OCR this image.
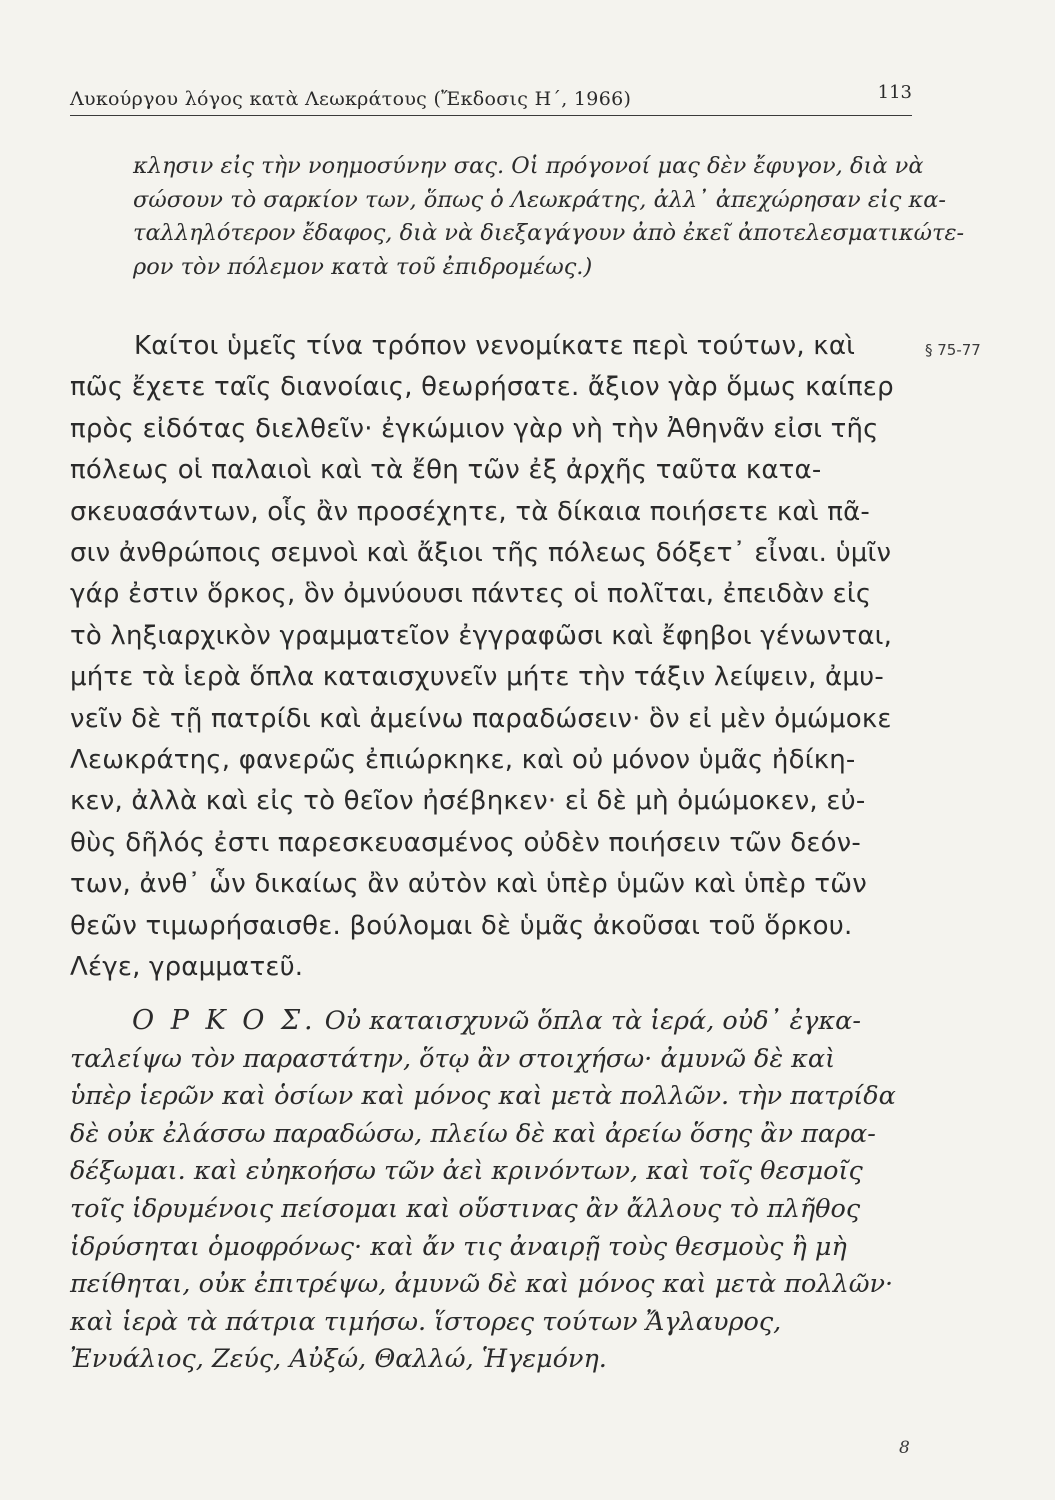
Λυκούργου λόγος κατὰ Λεωκράτους (Ἔκδοσις Η΄, 1966)	113
κλησιν εἰς τὴν νοημοσύνην σας. Οἱ πρόγονοί μας δὲν ἔφυγον, διὰ νὰ
σώσουν τὸ σαρκίον των, ὅπως ὁ Λεωκράτης, ἀλλ᾽ ἀπεχώρησαν εἰς κα-
ταλληλότερον ἔδαφος, διὰ νὰ διεξαγάγουν ἀπὸ ἐκεῖ ἀποτελεσματικώτε-
ρον τὸν πόλεμον κατὰ τοῦ ἐπιδρομέως.)
§ 75-77
Καίτοι ὑμεῖς τίνα τρόπον νενομίκατε περὶ τούτων, καὶ
πῶς ἔχετε ταῖς διανοίαις, θεωρήσατε. ἄξιον γὰρ ὅμως καίπερ
πρὸς εἰδότας διελθεῖν· ἐγκώμιον γὰρ νὴ τὴν Ἀθηνᾶν εἰσι τῆς
πόλεως οἱ παλαιοὶ καὶ τὰ ἔθη τῶν ἐξ ἀρχῆς ταῦτα κατα-
σκευασάντων, οἷς ἂν προσέχητε, τὰ δίκαια ποιήσετε καὶ πᾶ-
σιν ἀνθρώποις σεμνοὶ καὶ ἄξιοι τῆς πόλεως δόξετ᾽ εἶναι. ὑμῖν
γάρ ἐστιν ὅρκος, ὃν ὀμνύουσι πάντες οἱ πολῖται, ἐπειδὰν εἰς
τὸ ληξιαρχικὸν γραμματεῖον ἐγγραφῶσι καὶ ἔφηβοι γένωνται,
μήτε τὰ ἱερὰ ὅπλα καταισχυνεῖν μήτε τὴν τάξιν λείψειν, ἀμυ-
νεῖν δὲ τῇ πατρίδι καὶ ἀμείνω παραδώσειν· ὃν εἰ μὲν ὀμώμοκε
Λεωκράτης, φανερῶς ἐπιώρκηκε, καὶ οὐ μόνον ὑμᾶς ἠδίκη-
κεν, ἀλλὰ καὶ εἰς τὸ θεῖον ἠσέβηκεν· εἰ δὲ μὴ ὀμώμοκεν, εὐ-
θὺς δῆλός ἐστι παρεσκευασμένος οὐδὲν ποιήσειν τῶν δεόν-
των, ἀνθ᾽ ὧν δικαίως ἂν αὐτὸν καὶ ὑπὲρ ὑμῶν καὶ ὑπὲρ τῶν
θεῶν τιμωρήσαισθε. βούλομαι δὲ ὑμᾶς ἀκοῦσαι τοῦ ὅρκου.
Λέγε, γραμματεῦ.
Ο Ρ Κ Ο Σ. Οὐ καταισχυνῶ ὅπλα τὰ ἱερά, οὐδ᾽ ἐγκα-
ταλείψω τὸν παραστάτην, ὅτῳ ἂν στοιχήσω· ἀμυνῶ δὲ καὶ
ὑπὲρ ἱερῶν καὶ ὁσίων καὶ μόνος καὶ μετὰ πολλῶν. τὴν πατρίδα
δὲ οὐκ ἐλάσσω παραδώσω, πλείω δὲ καὶ ἀρείω ὅσης ἂν παρα-
δέξωμαι. καὶ εὐηκοήσω τῶν ἀεὶ κρινόντων, καὶ τοῖς θεσμοῖς
τοῖς ἱδρυμένοις πείσομαι καὶ οὕστινας ἂν ἄλλους τὸ πλῆθος
ἱδρύσηται ὁμοφρόνως· καὶ ἄν τις ἀναιρῇ τοὺς θεσμοὺς ἢ μὴ
πείθηται, οὐκ ἐπιτρέψω, ἀμυνῶ δὲ καὶ μόνος καὶ μετὰ πολλῶν·
καὶ ἱερὰ τὰ πάτρια τιμήσω. ἵστορες τούτων Ἄγλαυρος,
Ἐνυάλιος, Ζεύς, Αὐξώ, Θαλλώ, Ἡγεμόνη.
8
